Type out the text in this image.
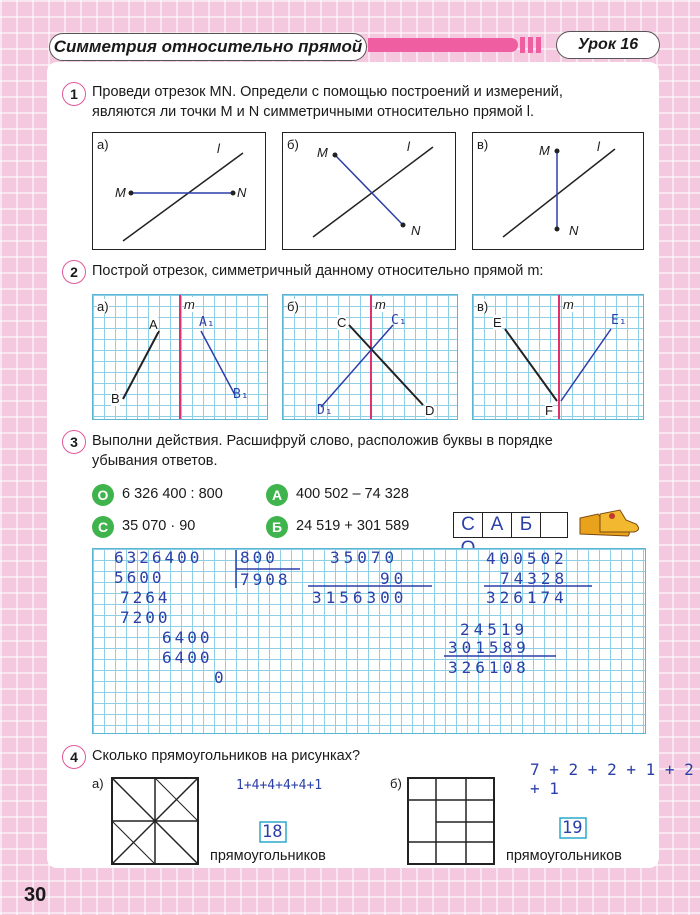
Симметрия относительно прямой	Урок 16
1 Проведи отрезок MN. Определи с помощью построений и измерений,
являются ли точки M и N симметричными относительно прямой l.
а)	l
M	N
б)	l
M
N
в)	l
M
N
2 Построй отрезок, симметричный данному относительно прямой m:
а)	m
A
B
A₁
B₁
б)	m
C	C₁
D
D₁
в)	m
E	E₁
F
3 Выполни действия. Расшифруй слово, расположив буквы в порядке
убывания ответов.
О 6 326 400 : 800	А 400 502 – 74 328
С 35 070 · 90	Б 24 519 + 301 589	С А Б
6326400
5600
7264
7200
6400
6400
0
800
7908
35070
90
3156300
400502
74328
326174
24519
301589
326108
4 Сколько прямоугольников на рисунках?
а)	1+4+4+4+4+1
18
прямоугольников
б)
7 + 2 + 2 + 1 + 2 + 1
19
прямоугольников
30
